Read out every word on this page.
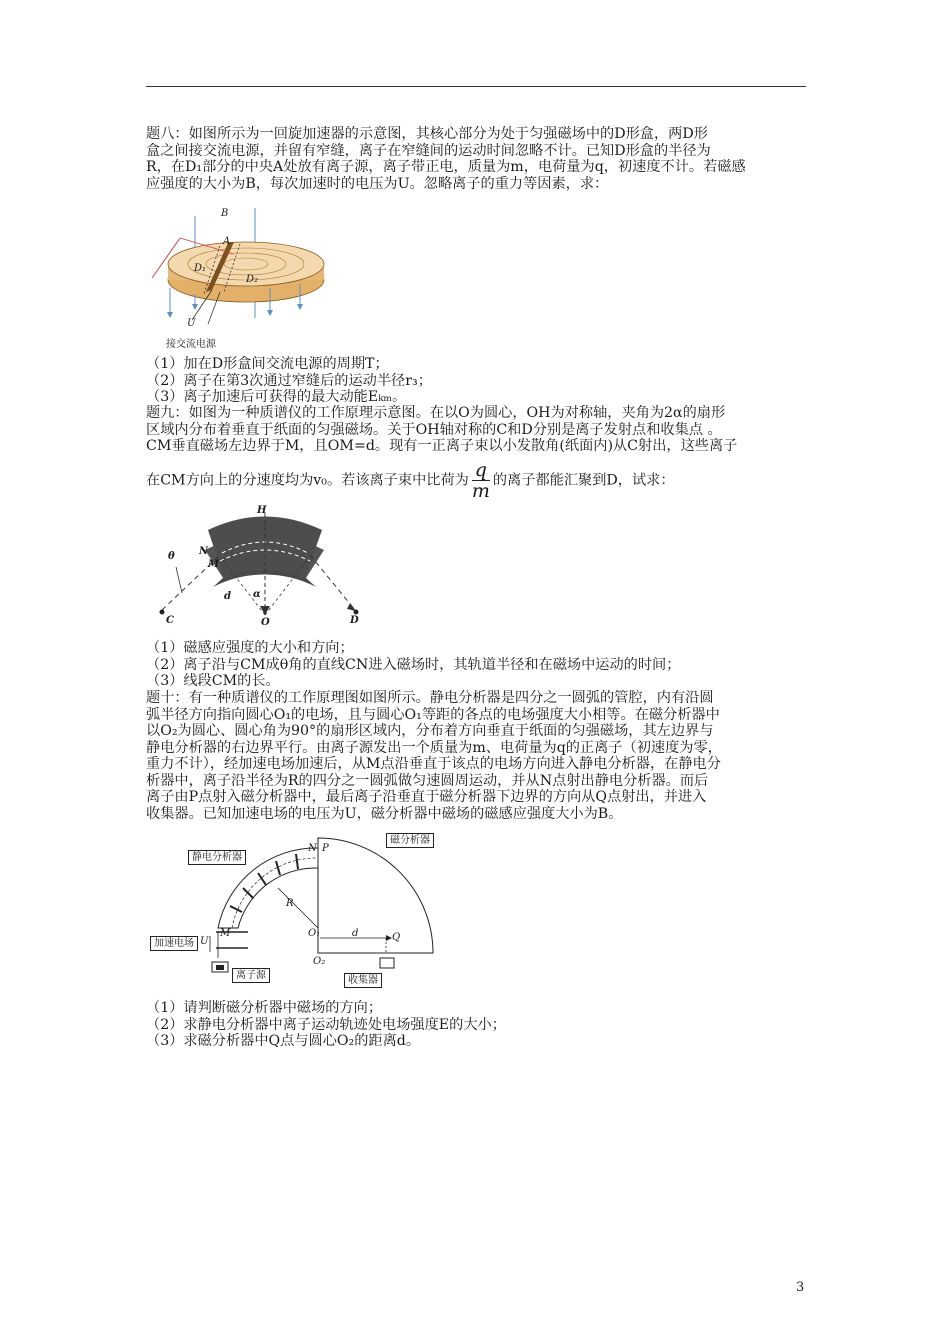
题八：如图所示为一回旋加速器的示意图，其核心部分为处于匀强磁场中的D形盒，两D形
盒之间接交流电源，并留有窄缝，离子在窄缝间的运动时间忽略不计。已知D形盒的半径为
R，在D₁部分的中央A处放有离子源，离子带正电，质量为m，电荷量为q，初速度不计。若磁感
应强度的大小为B，每次加速时的电压为U。忽略离子的重力等因素，求：
B
A
D₁
D₂
U
接交流电源
（1）加在D形盒间交流电源的周期T；
（2）离子在第3次通过窄缝后的运动半径r₃；
（3）离子加速后可获得的最大动能Eₖₘ。
题九：如图为一种质谱仪的工作原理示意图。在以O为圆心，OH为对称轴，夹角为2α的扇形
区域内分布着垂直于纸面的匀强磁场。关于OH轴对称的C和D分别是离子发射点和收集点 。
CM垂直磁场左边界于M，且OM=d。现有一正离子束以小发散角(纸面内)从C射出，这些离子
在CM方向上的分速度均为v₀。若该离子束中比荷为 $\frac{q}{m}$ 的离子都能汇聚到D，试求：
H
θ N
M
d α
O
C	D
（1）磁感应强度的大小和方向；
（2）离子沿与CM成θ角的直线CN进入磁场时，其轨道半径和在磁场中运动的时间；
（3）线段CM的长。
题十：有一种质谱仪的工作原理图如图所示。静电分析器是四分之一圆弧的管腔，内有沿圆
弧半径方向指向圆心O₁的电场，且与圆心O₁等距的各点的电场强度大小相等。在磁分析器中
以O₂为圆心、圆心角为90°的扇形区域内，分布着方向垂直于纸面的匀强磁场，其左边界与
静电分析器的右边界平行。由离子源发出一个质量为m、电荷量为q的正离子（初速度为零，
重力不计），经加速电场加速后，从M点沿垂直于该点的电场方向进入静电分析器，在静电分
析器中，离子沿半径为R的四分之一圆弧做匀速圆周运动，并从N点射出静电分析器。而后
离子由P点射入磁分析器中，最后离子沿垂直于磁分析器下边界的方向从Q点射出，并进入
收集器。已知加速电场的电压为U，磁分析器中磁场的磁感应强度大小为B。
静电分析器
磁分析器
加速电场
离子源	收集器
N P
R
M	O₁
O₂
d	Q
U
（1）请判断磁分析器中磁场的方向；
（2）求静电分析器中离子运动轨迹处电场强度E的大小；
（3）求磁分析器中Q点与圆心O₂的距离d。
3
